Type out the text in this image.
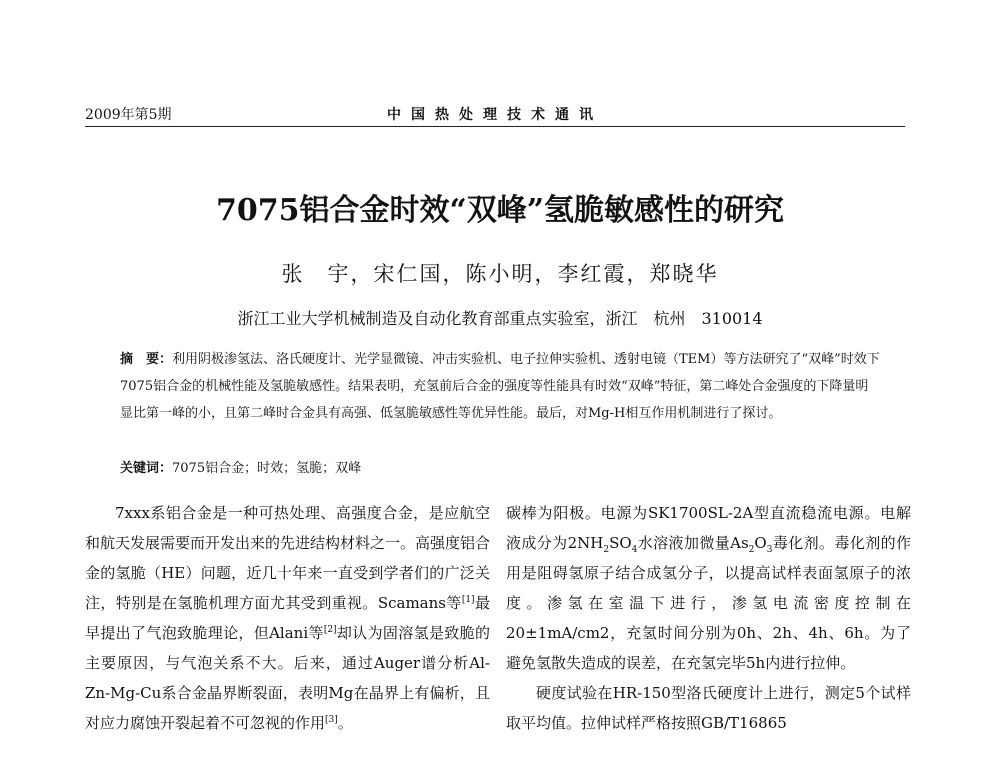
2009年第5期	中国热处理技术通讯
7075铝合金时效“双峰”氢脆敏感性的研究
张　宇，宋仁国，陈小明，李红霞，郑晓华
浙江工业大学机械制造及自动化教育部重点实验室，浙江　杭州　310014

摘　要：利用阴极渗氢法、洛氏硬度计、光学显微镜、冲击实验机、电子拉伸实验机、透射电镜（TEM）等方法研究了“双峰”时效下7075铝合金的机械性能及氢脆敏感性。结果表明，充氢前后合金的强度等性能具有时效“双峰”特征，第二峰处合金强度的下降量明显比第一峰的小，且第二峰时合金具有高强、低氢脆敏感性等优异性能。最后，对Mg-H相互作用机制进行了探讨。

关键词：7075铝合金；时效；氢脆；双峰

7xxx系铝合金是一种可热处理、高强度合金，是应航空和航天发展需要而开发出来的先进结构材料之一。高强度铝合金的氢脆（HE）问题，近几十年来一直受到学者们的广泛关注，特别是在氢脆机理方面尤其受到重视。Scamans等[1]最早提出了气泡致脆理论，但Alani等[2]却认为固溶氢是致脆的主要原因，与气泡关系不大。后来，通过Auger谱分析Al-Zn-Mg-Cu系合金晶界断裂面，表明Mg在晶界上有偏析，且对应力腐蚀开裂起着不可忽视的作用[3]。

碳棒为阳极。电源为SK1700SL-2A型直流稳流电源。电解液成分为$2NH_2SO_4$水溶液加微量$As_2O_3$毒化剂。毒化剂的作用是阻碍氢原子结合成氢分子，以提高试样表面氢原子的浓度。渗氢在室温下进行，渗氢电流密度控制在20±1mA/cm2，充氢时间分别为0h、2h、4h、6h。为了避免氢散失造成的误差，在充氢完毕5h内进行拉伸。

硬度试验在HR-150型洛氏硬度计上进行，测定5个试样取平均值。拉伸试样严格按照GB/T16865
